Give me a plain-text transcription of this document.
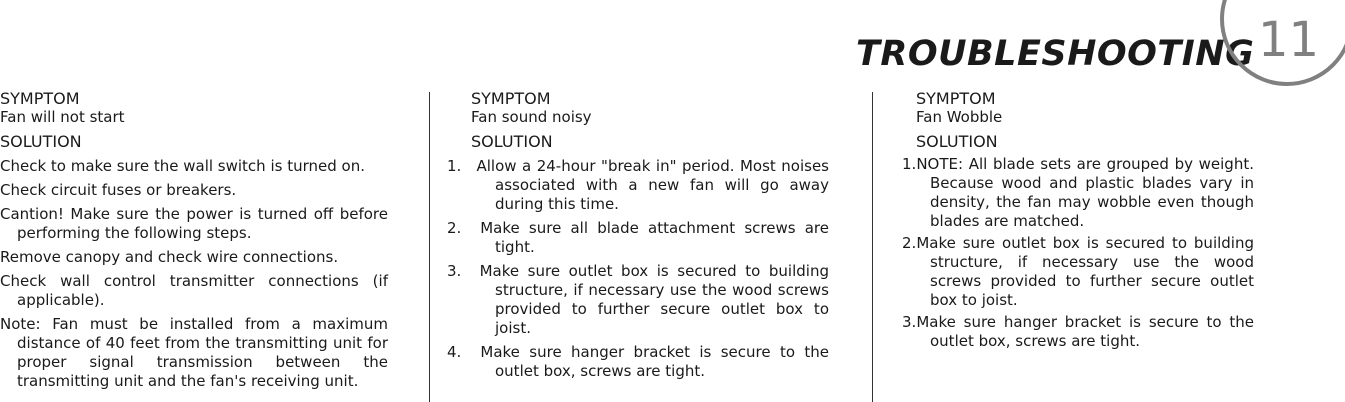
TROUBLESHOOTING 11
SYMPTOM
Fan will not start
SOLUTION
Check to make sure the wall switch is turned on.
Check circuit fuses or breakers.
Cantion! Make sure the power is turned off before performing the following steps.
Remove canopy and check wire connections.
Check wall control transmitter connections (if applicable).
Note: Fan must be installed from a maximum distance of 40 feet from the transmitting unit for proper signal transmission between the transmitting unit and the fan's receiving unit.
SYMPTOM
Fan sound noisy
SOLUTION
1. Allow a 24-hour "break in" period. Most noises associated with a new fan will go away during this time.
2. Make sure all blade attachment screws are tight.
3. Make sure outlet box is secured to building structure, if necessary use the wood screws provided to further secure outlet box to joist.
4. Make sure hanger bracket is secure to the outlet box, screws are tight.
SYMPTOM
Fan Wobble
SOLUTION
1.NOTE: All blade sets are grouped by weight. Because wood and plastic blades vary in density, the fan may wobble even though blades are matched.
2.Make sure outlet box is secured to building structure, if necessary use the wood screws provided to further secure outlet box to joist.
3.Make sure hanger bracket is secure to the outlet box, screws are tight.
